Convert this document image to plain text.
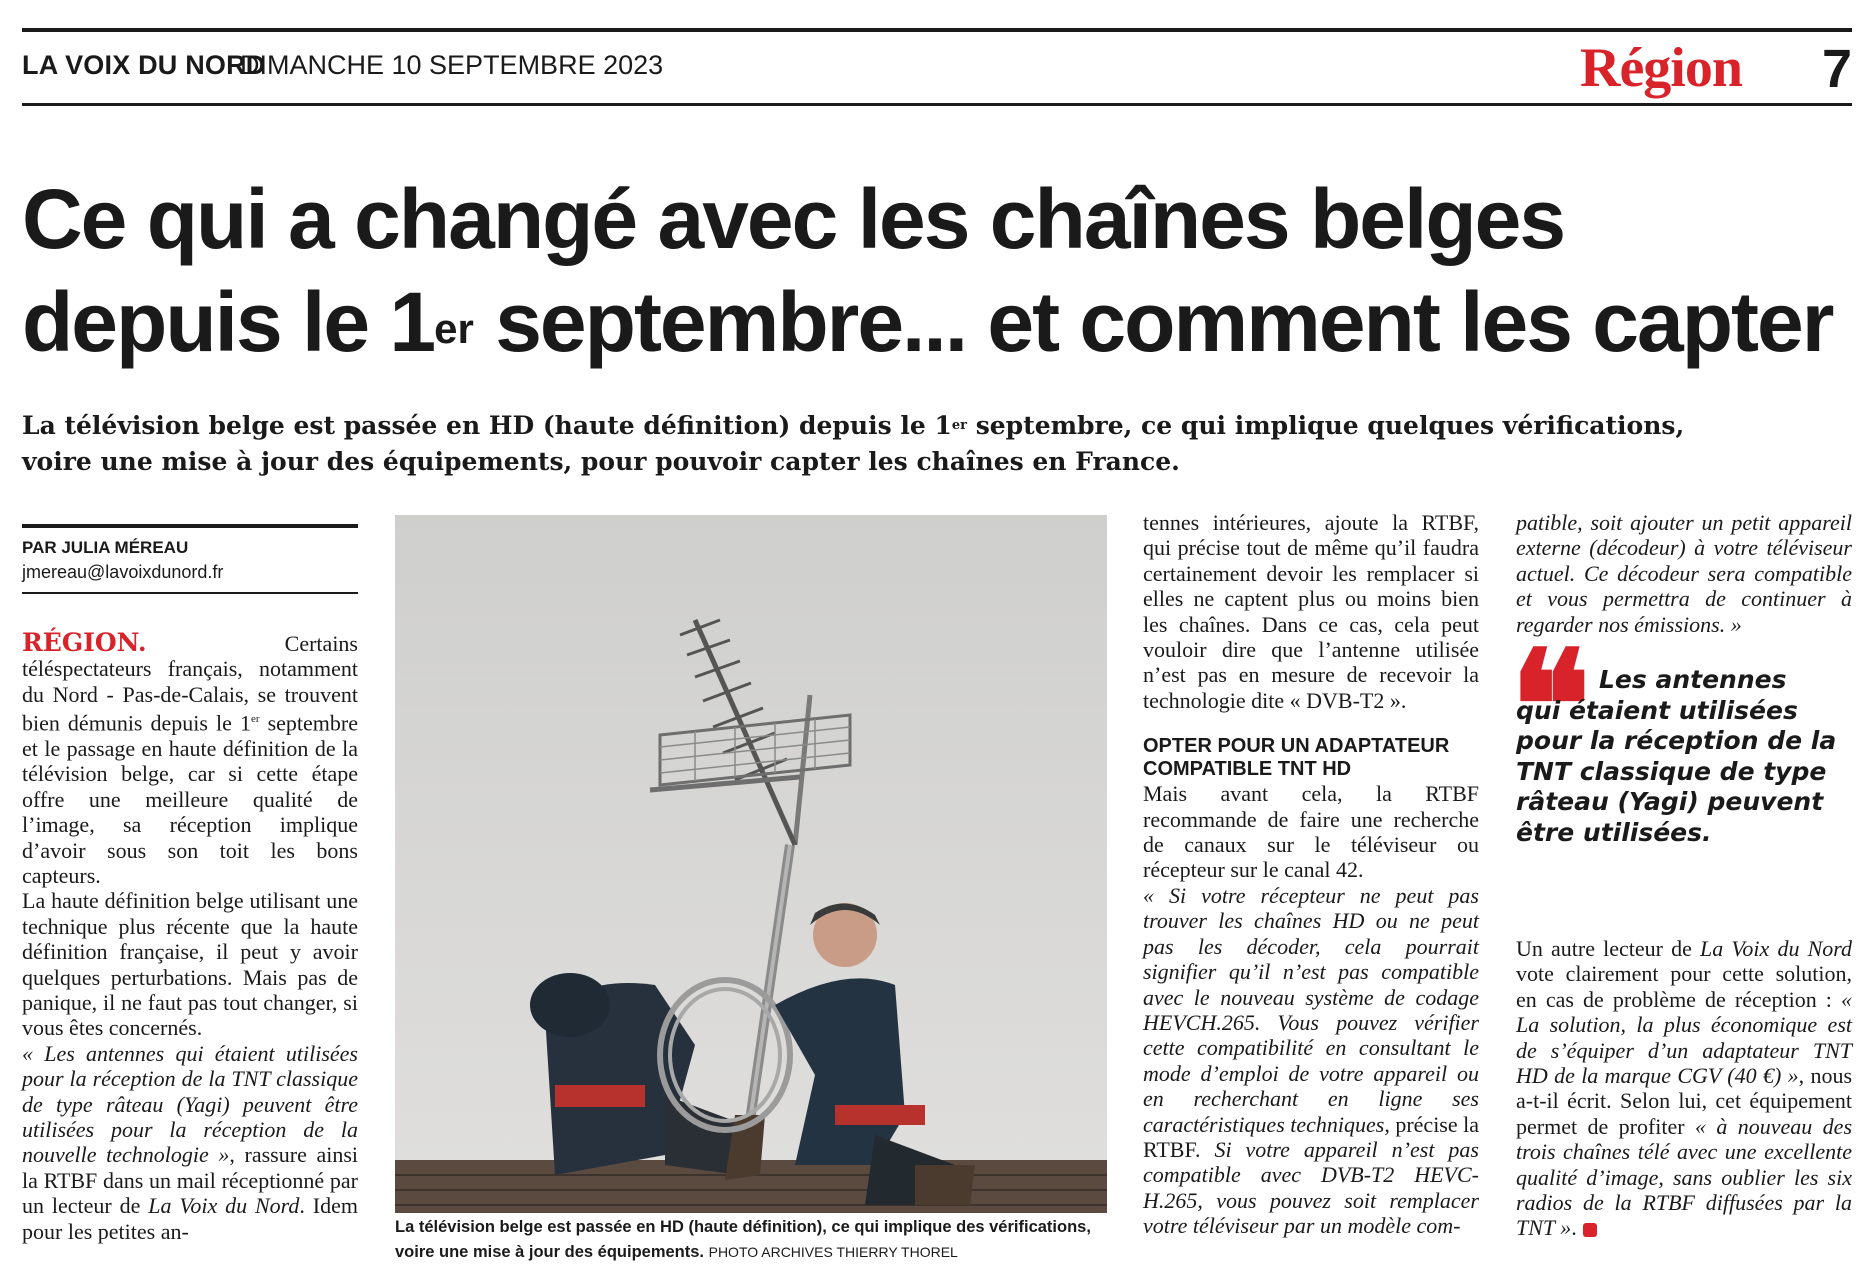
LA VOIX DU NORD
DIMANCHE 10 SEPTEMBRE 2023	Région 7
Ce qui a changé avec les chaînes belges
depuis le 1er septembre... et comment les capter
La télévision belge est passée en HD (haute définition) depuis le 1er septembre, ce qui implique quelques vérifications,
voire une mise à jour des équipements, pour pouvoir capter les chaînes en France.
PAR JULIA MÉREAU
jmereau@lavoixdunord.fr
RÉGION. Certains téléspectateurs français, notamment du Nord - Pas-de-Calais, se trouvent bien démunis depuis le 1er septembre et le passage en haute définition de la télévision belge, car si cette étape offre une meilleure qualité de l’image, sa réception implique d’avoir sous son toit les bons capteurs.
La haute définition belge utilisant une technique plus récente que la haute définition française, il peut y avoir quelques perturbations. Mais pas de panique, il ne faut pas tout changer, si vous êtes concernés.
« Les antennes qui étaient utilisées pour la réception de la TNT classique de type râteau (Yagi) peuvent être utilisées pour la réception de la nouvelle technologie », rassure ainsi la RTBF dans un mail réceptionné par un lecteur de La Voix du Nord. Idem pour les petites an-	La télévision belge est passée en HD (haute définition), ce qui implique des vérifications, voire une mise à jour des équipements. PHOTO ARCHIVES THIERRY THOREL
tennes intérieures, ajoute la RTBF, qui précise tout de même qu’il faudra certainement devoir les remplacer si elles ne captent plus ou moins bien les chaînes. Dans ce cas, cela peut vouloir dire que l’antenne utilisée n’est pas en mesure de recevoir la technologie dite « DVB-T2 ».
OPTER POUR UN ADAPTATEUR COMPATIBLE TNT HD
Mais avant cela, la RTBF recommande de faire une recherche de canaux sur le téléviseur ou récepteur sur le canal 42.
« Si votre récepteur ne peut pas trouver les chaînes HD ou ne peut pas les décoder, cela pourrait signifier qu’il n’est pas compatible avec le nouveau système de codage HEVCH.265. Vous pouvez vérifier cette compatibilité en consultant le mode d’emploi de votre appareil ou en recherchant en ligne ses caractéristiques techniques, précise la RTBF. Si votre appareil n’est pas compatible avec DVB-T2 HEVC-H.265, vous pouvez soit remplacer votre téléviseur par un modèle com-
patible, soit ajouter un petit appareil externe (décodeur) à votre téléviseur actuel. Ce décodeur sera compatible et vous permettra de continuer à regarder nos émissions. »
❝ Les antennes
qui étaient utilisées pour la réception de la TNT classique de type râteau (Yagi) peuvent être utilisées.
Un autre lecteur de La Voix du Nord vote clairement pour cette solution, en cas de problème de réception : « La solution, la plus économique est de s’équiper d’un adaptateur TNT HD de la marque CGV (40 €) », nous a-t-il écrit. Selon lui, cet équipement permet de profiter « à nouveau des trois chaînes télé avec une excellente qualité d’image, sans oublier les six radios de la RTBF diffusées par la TNT ».
